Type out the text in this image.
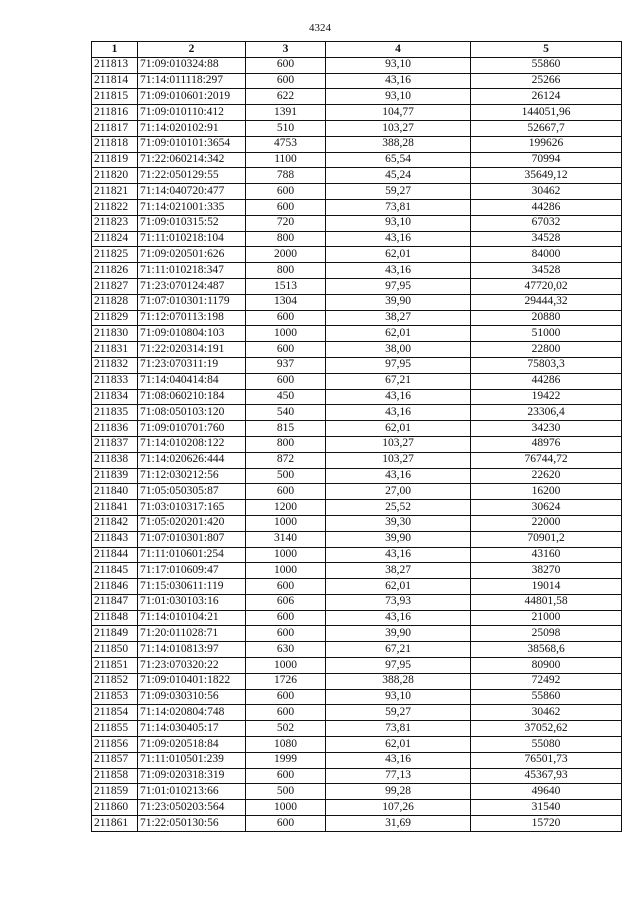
4324
1	2	3	4	5
211813	71:09:010324:88	600	93,10	55860
211814	71:14:011118:297	600	43,16	25266
211815	71:09:010601:2019	622	93,10	26124
211816	71:09:010110:412	1391	104,77	144051,96
211817	71:14:020102:91	510	103,27	52667,7
211818	71:09:010101:3654	4753	388,28	199626
211819	71:22:060214:342	1100	65,54	70994
211820	71:22:050129:55	788	45,24	35649,12
211821	71:14:040720:477	600	59,27	30462
211822	71:14:021001:335	600	73,81	44286
211823	71:09:010315:52	720	93,10	67032
211824	71:11:010218:104	800	43,16	34528
211825	71:09:020501:626	2000	62,01	84000
211826	71:11:010218:347	800	43,16	34528
211827	71:23:070124:487	1513	97,95	47720,02
211828	71:07:010301:1179	1304	39,90	29444,32
211829	71:12:070113:198	600	38,27	20880
211830	71:09:010804:103	1000	62,01	51000
211831	71:22:020314:191	600	38,00	22800
211832	71:23:070311:19	937	97,95	75803,3
211833	71:14:040414:84	600	67,21	44286
211834	71:08:060210:184	450	43,16	19422
211835	71:08:050103:120	540	43,16	23306,4
211836	71:09:010701:760	815	62,01	34230
211837	71:14:010208:122	800	103,27	48976
211838	71:14:020626:444	872	103,27	76744,72
211839	71:12:030212:56	500	43,16	22620
211840	71:05:050305:87	600	27,00	16200
211841	71:03:010317:165	1200	25,52	30624
211842	71:05:020201:420	1000	39,30	22000
211843	71:07:010301:807	3140	39,90	70901,2
211844	71:11:010601:254	1000	43,16	43160
211845	71:17:010609:47	1000	38,27	38270
211846	71:15:030611:119	600	62,01	19014
211847	71:01:030103:16	606	73,93	44801,58
211848	71:14:010104:21	600	43,16	21000
211849	71:20:011028:71	600	39,90	25098
211850	71:14:010813:97	630	67,21	38568,6
211851	71:23:070320:22	1000	97,95	80900
211852	71:09:010401:1822	1726	388,28	72492
211853	71:09:030310:56	600	93,10	55860
211854	71:14:020804:748	600	59,27	30462
211855	71:14:030405:17	502	73,81	37052,62
211856	71:09:020518:84	1080	62,01	55080
211857	71:11:010501:239	1999	43,16	76501,73
211858	71:09:020318:319	600	77,13	45367,93
211859	71:01:010213:66	500	99,28	49640
211860	71:23:050203:564	1000	107,26	31540
211861	71:22:050130:56	600	31,69	15720
